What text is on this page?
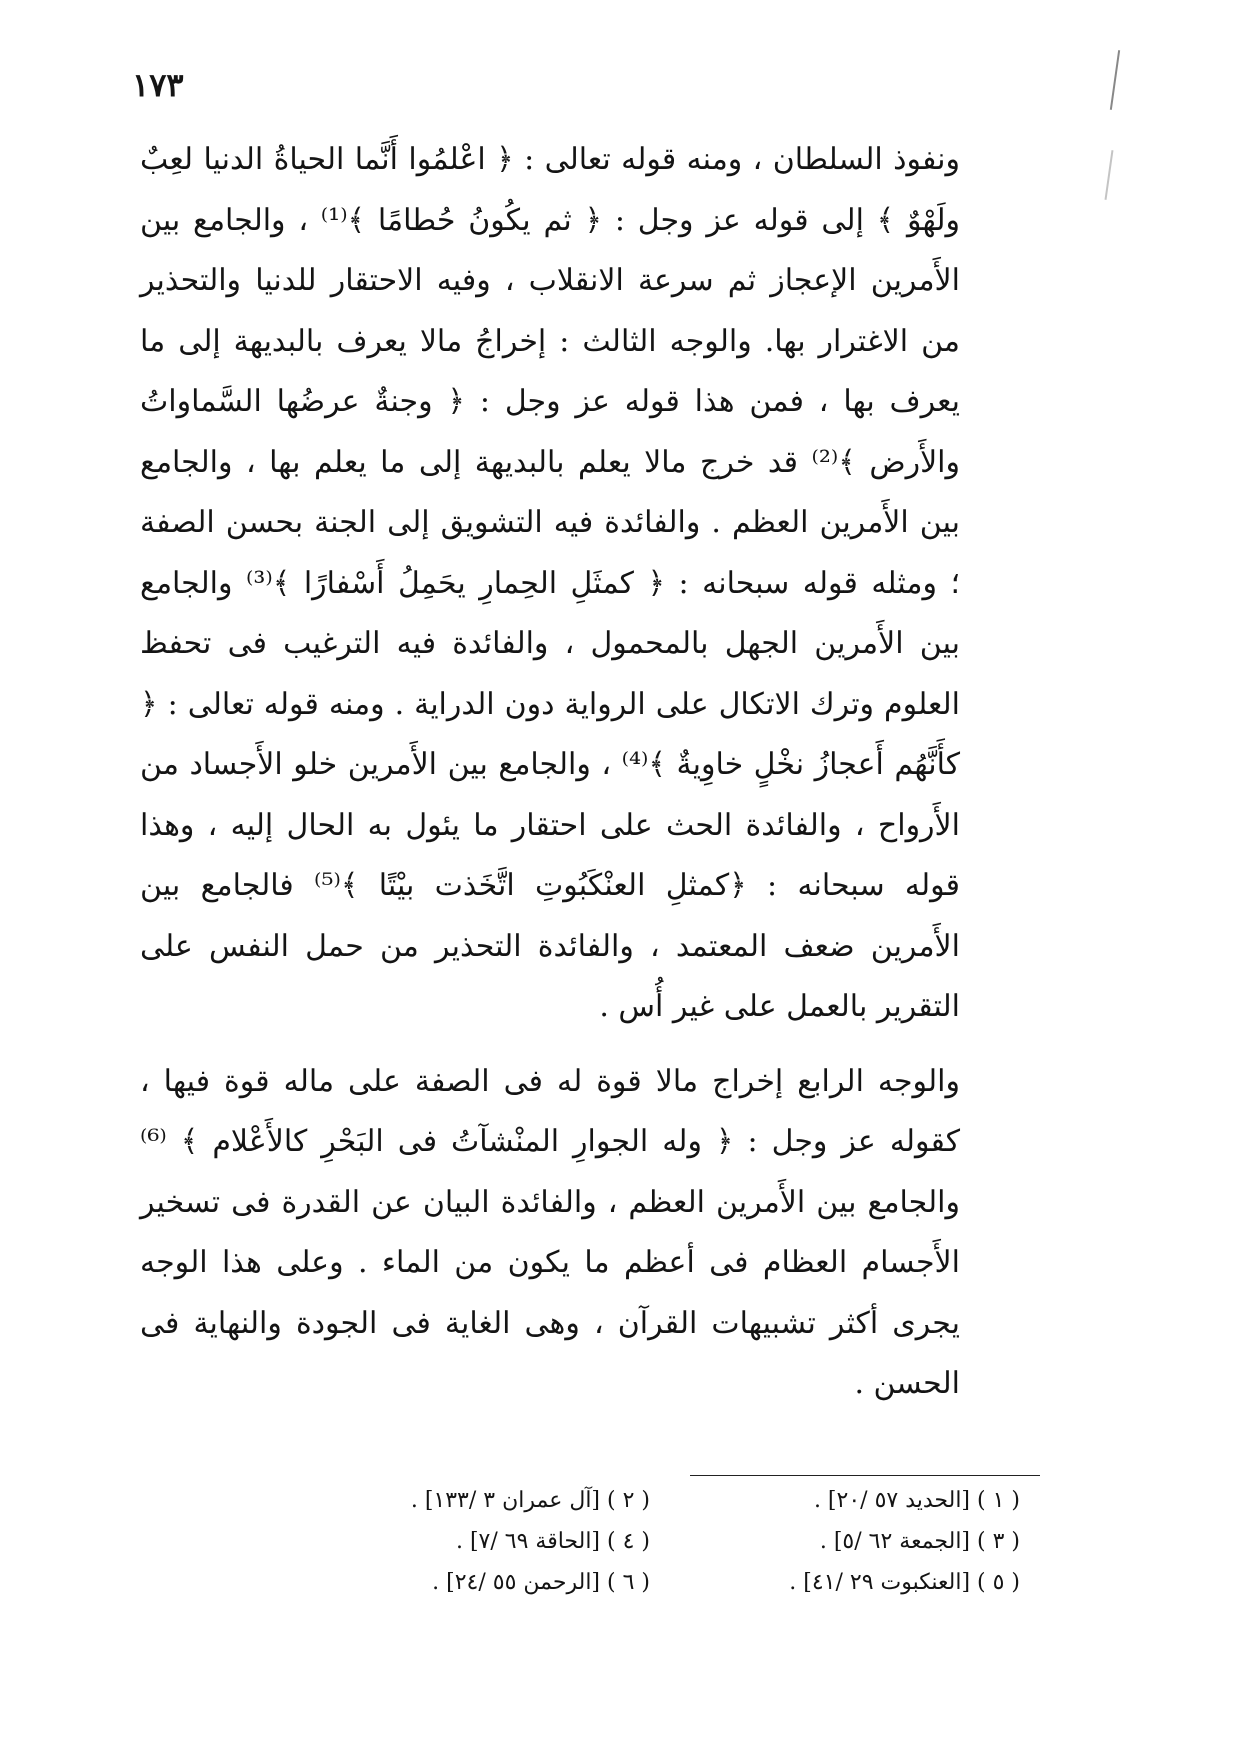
١٧٣

ونفوذ السلطان ، ومنه قوله تعالى : ﴿ اعْلمُوا أَنَّما الحياةُ الدنيا لعِبٌ ولَهْوٌ ﴾ إلى قوله عز وجل : ﴿ ثم يكُونُ حُطامًا ﴾⁽¹⁾ ، والجامع بين الأَمرين الإعجاز ثم سرعة الانقلاب ، وفيه الاحتقار للدنيا والتحذير من الاغترار بها. والوجه الثالث : إخراجُ مالا يعرف بالبديهة إلى ما يعرف بها ، فمن هذا قوله عز وجل : ﴿ وجنةٌ عرضُها السَّماواتُ والأَرض ﴾⁽²⁾ قد خرج مالا يعلم بالبديهة إلى ما يعلم بها ، والجامع بين الأَمرين العظم . والفائدة فيه التشويق إلى الجنة بحسن الصفة ؛ ومثله قوله سبحانه : ﴿ كمثَلِ الحِمارِ يحَمِلُ أَسْفارًا ﴾⁽³⁾ والجامع بين الأَمرين الجهل بالمحمول ، والفائدة فيه الترغيب فى تحفظ العلوم وترك الاتكال على الرواية دون الدراية . ومنه قوله تعالى : ﴿ كأَنَّهُم أَعجازُ نخْلٍ خاوِيةٌ ﴾⁽⁴⁾ ، والجامع بين الأَمرين خلو الأَجساد من الأَرواح ، والفائدة الحث على احتقار ما يئول به الحال إليه ، وهذا قوله سبحانه : ﴿كمثلِ العنْكَبُوتِ اتَّخَذت بيْتًا ﴾⁽⁵⁾ فالجامع بين الأَمرين ضعف المعتمد ، والفائدة التحذير من حمل النفس على التقرير بالعمل على غير أُس .

والوجه الرابع إخراج مالا قوة له فى الصفة على ماله قوة فيها ، كقوله عز وجل : ﴿ وله الجوارِ المنْشآتُ فى البَحْرِ كالأَعْلام ﴾ ⁽⁶⁾ والجامع بين الأَمرين العظم ، والفائدة البيان عن القدرة فى تسخير الأَجسام العظام فى أعظم ما يكون من الماء . وعلى هذا الوجه يجرى أكثر تشبيهات القرآن ، وهى الغاية فى الجودة والنهاية فى الحسن .

( ١ ) [الحديد ٥٧ /٢٠] .
( ٢ ) [آل عمران ٣ /١٣٣] .
( ٣ ) [الجمعة ٦٢ /٥] .
( ٤ ) [الحاقة ٦٩ /٧] .
( ٥ ) [العنكبوت ٢٩ /٤١] .
( ٦ ) [الرحمن ٥٥ /٢٤] .
